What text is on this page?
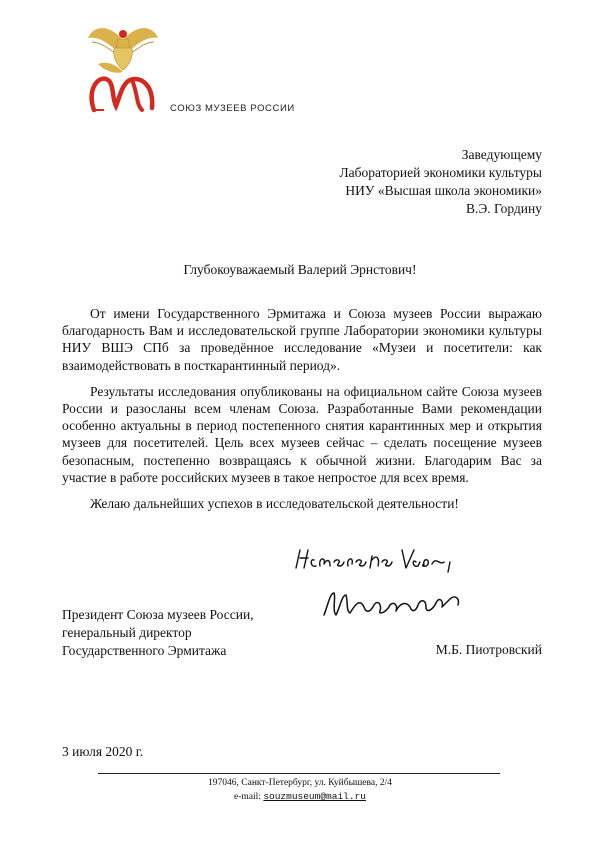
СОЮЗ МУЗЕЕВ РОССИИ
Заведующему
Лабораторией экономики культуры
НИУ «Высшая школа экономики»
В.Э. Гордину
Глубокоуважаемый Валерий Эрнстович!

От имени Государственного Эрмитажа и Союза музеев России выражаю благодарность Вам и исследовательской группе Лаборатории экономики культуры НИУ ВШЭ СПб за проведённое исследование «Музеи и посетители: как взаимодействовать в посткарантинный период».

Результаты исследования опубликованы на официальном сайте Союза музеев России и разосланы всем членам Союза. Разработанные Вами рекомендации особенно актуальны в период постепенного снятия карантинных мер и открытия музеев для посетителей. Цель всех музеев сейчас – сделать посещение музеев безопасным, постепенно возвращаясь к обычной жизни. Благодарим Вас за участие в работе российских музеев в такое непростое для всех время.

Желаю дальнейших успехов в исследовательской деятельности!

Президент Союза музеев России,
генеральный директор
Государственного Эрмитажа	М.Б. Пиотровский
3 июля 2020 г.
197046, Санкт-Петербург, ул. Куйбышева, 2/4
e-mail: souzmuseum@mail.ru
